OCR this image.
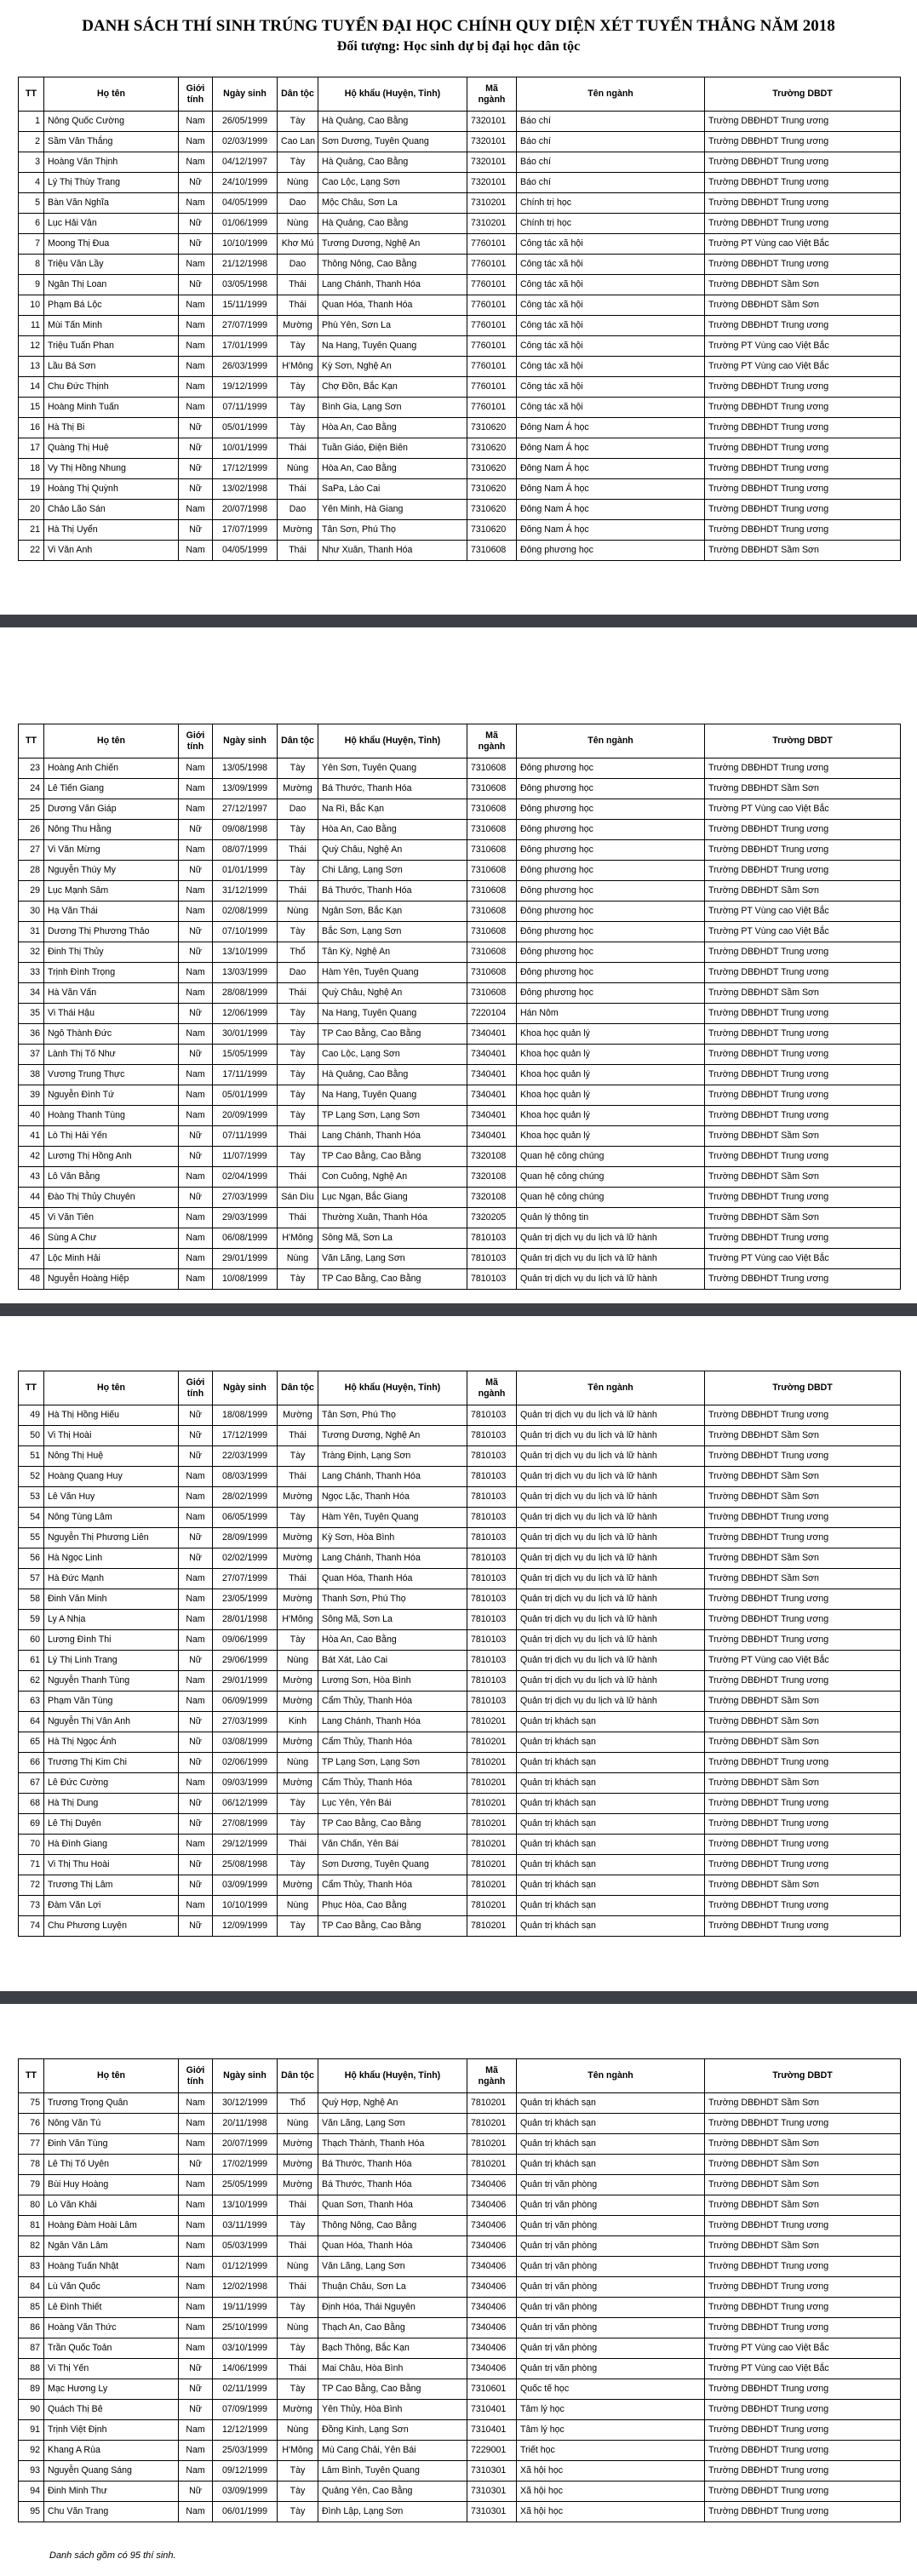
DANH SÁCH THÍ SINH TRÚNG TUYỂN ĐẠI HỌC CHÍNH QUY DIỆN XÉT TUYỂN THẲNG NĂM 2018
Đối tượng: Học sinh dự bị đại học dân tộc
TT	Họ tên	Giới tính	Ngày sinh	Dân tộc	Hộ khẩu (Huyện, Tỉnh)	Mã ngành	Tên ngành	Trường DBDT
1	Nông Quốc Cường	Nam	26/05/1999	Tày	Hà Quảng, Cao Bằng	7320101	Báo chí	Trường DBĐHDT Trung ương
2	Sầm Văn Thắng	Nam	02/03/1999	Cao Lan	Sơn Dương, Tuyên Quang	7320101	Báo chí	Trường DBĐHDT Trung ương
3	Hoàng Văn Thịnh	Nam	04/12/1997	Tày	Hà Quảng, Cao Bằng	7320101	Báo chí	Trường DBĐHDT Trung ương
4	Lý Thị Thùy Trang	Nữ	24/10/1999	Nùng	Cao Lộc, Lạng Sơn	7320101	Báo chí	Trường DBĐHDT Trung ương
5	Bàn Văn Nghĩa	Nam	04/05/1999	Dao	Mộc Châu, Sơn La	7310201	Chính trị học	Trường DBĐHDT Trung ương
6	Lục Hải Vân	Nữ	01/06/1999	Nùng	Hà Quảng, Cao Bằng	7310201	Chính trị học	Trường DBĐHDT Trung ương
7	Moong Thị Đua	Nữ	10/10/1999	Khơ Mú	Tương Dương, Nghệ An	7760101	Công tác xã hội	Trường PT Vùng cao Việt Bắc
8	Triệu Văn Lầy	Nam	21/12/1998	Dao	Thông Nông, Cao Bằng	7760101	Công tác xã hội	Trường DBĐHDT Trung ương
9	Ngân Thị Loan	Nữ	03/05/1998	Thái	Lang Chánh, Thanh Hóa	7760101	Công tác xã hội	Trường DBĐHDT Sầm Sơn
10	Phạm Bá Lộc	Nam	15/11/1999	Thái	Quan Hóa, Thanh Hóa	7760101	Công tác xã hội	Trường DBĐHDT Sầm Sơn
11	Mùi Tấn Minh	Nam	27/07/1999	Mường	Phù Yên, Sơn La	7760101	Công tác xã hội	Trường DBĐHDT Trung ương
12	Triệu Tuấn Phan	Nam	17/01/1999	Tày	Na Hang, Tuyên Quang	7760101	Công tác xã hội	Trường PT Vùng cao Việt Bắc
13	Lầu Bá Sơn	Nam	26/03/1999	H'Mông	Kỳ Sơn, Nghệ An	7760101	Công tác xã hội	Trường PT Vùng cao Việt Bắc
14	Chu Đức Thịnh	Nam	19/12/1999	Tày	Chợ Đồn, Bắc Kạn	7760101	Công tác xã hội	Trường DBĐHDT Trung ương
15	Hoàng Minh Tuấn	Nam	07/11/1999	Tày	Bình Gia, Lạng Sơn	7760101	Công tác xã hội	Trường DBĐHDT Trung ương
16	Hà Thị Bi	Nữ	05/01/1999	Tày	Hòa An, Cao Bằng	7310620	Đông Nam Á học	Trường DBĐHDT Trung ương
17	Quàng Thị Huệ	Nữ	10/01/1999	Thái	Tuần Giáo, Điện Biên	7310620	Đông Nam Á học	Trường DBĐHDT Trung ương
18	Vy Thị Hồng Nhung	Nữ	17/12/1999	Nùng	Hòa An, Cao Bằng	7310620	Đông Nam Á học	Trường DBĐHDT Trung ương
19	Hoàng Thị Quỳnh	Nữ	13/02/1998	Thái	SaPa, Lào Cai	7310620	Đông Nam Á học	Trường DBĐHDT Trung ương
20	Chảo Lão Sán	Nam	20/07/1998	Dao	Yên Minh, Hà Giang	7310620	Đông Nam Á học	Trường DBĐHDT Trung ương
21	Hà Thị Uyển	Nữ	17/07/1999	Mường	Tân Sơn, Phú Thọ	7310620	Đông Nam Á học	Trường DBĐHDT Trung ương
22	Vi Văn Anh	Nam	04/05/1999	Thái	Như Xuân, Thanh Hóa	7310608	Đông phương học	Trường DBĐHDT Sầm Sơn
TT	Họ tên	Giới tính	Ngày sinh	Dân tộc	Hộ khẩu (Huyện, Tỉnh)	Mã ngành	Tên ngành	Trường DBDT
23	Hoàng Anh Chiến	Nam	13/05/1998	Tày	Yên Sơn, Tuyên Quang	7310608	Đông phương học	Trường DBĐHDT Trung ương
24	Lê Tiến Giang	Nam	13/09/1999	Mường	Bá Thước, Thanh Hóa	7310608	Đông phương học	Trường DBĐHDT Sầm Sơn
25	Dương Văn Giáp	Nam	27/12/1997	Dao	Na Rì, Bắc Kạn	7310608	Đông phương học	Trường PT Vùng cao Việt Bắc
26	Nông Thu Hằng	Nữ	09/08/1998	Tày	Hòa An, Cao Bằng	7310608	Đông phương học	Trường DBĐHDT Trung ương
27	Vi Văn Mừng	Nam	08/07/1999	Thái	Quỳ Châu, Nghệ An	7310608	Đông phương học	Trường DBĐHDT Trung ương
28	Nguyễn Thúy My	Nữ	01/01/1999	Tày	Chi Lăng, Lạng Sơn	7310608	Đông phương học	Trường DBĐHDT Trung ương
29	Lục Mạnh Sâm	Nam	31/12/1999	Thái	Bá Thước, Thanh Hóa	7310608	Đông phương học	Trường DBĐHDT Sầm Sơn
30	Hạ Văn Thái	Nam	02/08/1999	Nùng	Ngân Sơn, Bắc Kạn	7310608	Đông phương học	Trường PT Vùng cao Việt Bắc
31	Dương Thị Phương Thảo	Nữ	07/10/1999	Tày	Bắc Sơn, Lạng Sơn	7310608	Đông phương học	Trường PT Vùng cao Việt Bắc
32	Đinh Thị Thủy	Nữ	13/10/1999	Thổ	Tân Kỳ, Nghệ An	7310608	Đông phương học	Trường DBĐHDT Trung ương
33	Trịnh Đình Trọng	Nam	13/03/1999	Dao	Hàm Yên, Tuyên Quang	7310608	Đông phương học	Trường DBĐHDT Trung ương
34	Hà Văn Vấn	Nam	28/08/1999	Thái	Quỳ Châu, Nghệ An	7310608	Đông phương học	Trường DBĐHDT Sầm Sơn
35	Vi Thái Hậu	Nữ	12/06/1999	Tày	Na Hang, Tuyên Quang	7220104	Hán Nôm	Trường DBĐHDT Trung ương
36	Ngô Thành Đức	Nam	30/01/1999	Tày	TP Cao Bằng, Cao Bằng	7340401	Khoa học quản lý	Trường DBĐHDT Trung ương
37	Lành Thị Tố Như	Nữ	15/05/1999	Tày	Cao Lộc, Lạng Sơn	7340401	Khoa học quản lý	Trường DBĐHDT Trung ương
38	Vương Trung Thực	Nam	17/11/1999	Tày	Hà Quảng, Cao Bằng	7340401	Khoa học quản lý	Trường DBĐHDT Trung ương
39	Nguyễn Đình Tứ	Nam	05/01/1999	Tày	Na Hang, Tuyên Quang	7340401	Khoa học quản lý	Trường DBĐHDT Trung ương
40	Hoàng Thanh Tùng	Nam	20/09/1999	Tày	TP Lạng Sơn, Lạng Sơn	7340401	Khoa học quản lý	Trường DBĐHDT Trung ương
41	Lò Thị Hải Yến	Nữ	07/11/1999	Thái	Lang Chánh, Thanh Hóa	7340401	Khoa học quản lý	Trường DBĐHDT Sầm Sơn
42	Lương Thị Hồng Anh	Nữ	11/07/1999	Tày	TP Cao Bằng, Cao Bằng	7320108	Quan hệ công chúng	Trường DBĐHDT Trung ương
43	Lô Văn Bằng	Nam	02/04/1999	Thái	Con Cuông, Nghệ An	7320108	Quan hệ công chúng	Trường DBĐHDT Sầm Sơn
44	Đào Thị Thủy Chuyên	Nữ	27/03/1999	Sán Dìu	Lục Ngạn, Bắc Giang	7320108	Quan hệ công chúng	Trường DBĐHDT Trung ương
45	Vi Văn Tiên	Nam	29/03/1999	Thái	Thường Xuân, Thanh Hóa	7320205	Quản lý thông tin	Trường DBĐHDT Sầm Sơn
46	Sùng A Chư	Nam	06/08/1999	H'Mông	Sông Mã, Sơn La	7810103	Quản trị dịch vụ du lịch và lữ hành	Trường DBĐHDT Trung ương
47	Lộc Minh Hải	Nam	29/01/1999	Nùng	Văn Lãng, Lạng Sơn	7810103	Quản trị dịch vụ du lịch và lữ hành	Trường PT Vùng cao Việt Bắc
48	Nguyễn Hoàng Hiệp	Nam	10/08/1999	Tày	TP Cao Bằng, Cao Bằng	7810103	Quản trị dịch vụ du lịch và lữ hành	Trường DBĐHDT Trung ương
TT	Họ tên	Giới tính	Ngày sinh	Dân tộc	Hộ khẩu (Huyện, Tỉnh)	Mã ngành	Tên ngành	Trường DBDT
49	Hà Thị Hồng Hiếu	Nữ	18/08/1999	Mường	Tân Sơn, Phú Thọ	7810103	Quản trị dịch vụ du lịch và lữ hành	Trường DBĐHDT Trung ương
50	Vi Thị Hoài	Nữ	17/12/1999	Thái	Tương Dương, Nghệ An	7810103	Quản trị dịch vụ du lịch và lữ hành	Trường DBĐHDT Sầm Sơn
51	Nông Thị Huệ	Nữ	22/03/1999	Tày	Tràng Định, Lạng Sơn	7810103	Quản trị dịch vụ du lịch và lữ hành	Trường DBĐHDT Trung ương
52	Hoàng Quang Huy	Nam	08/03/1999	Thái	Lang Chánh, Thanh Hóa	7810103	Quản trị dịch vụ du lịch và lữ hành	Trường DBĐHDT Sầm Sơn
53	Lê Văn Huy	Nam	28/02/1999	Mường	Ngọc Lặc, Thanh Hóa	7810103	Quản trị dịch vụ du lịch và lữ hành	Trường DBĐHDT Sầm Sơn
54	Nông Tùng Lâm	Nam	06/05/1999	Tày	Hàm Yên, Tuyên Quang	7810103	Quản trị dịch vụ du lịch và lữ hành	Trường DBĐHDT Trung ương
55	Nguyễn Thị Phương Liên	Nữ	28/09/1999	Mường	Kỳ Sơn, Hòa Bình	7810103	Quản trị dịch vụ du lịch và lữ hành	Trường DBĐHDT Trung ương
56	Hà Ngọc Linh	Nữ	02/02/1999	Mường	Lang Chánh, Thanh Hóa	7810103	Quản trị dịch vụ du lịch và lữ hành	Trường DBĐHDT Sầm Sơn
57	Hà Đức Mạnh	Nam	27/07/1999	Thái	Quan Hóa, Thanh Hóa	7810103	Quản trị dịch vụ du lịch và lữ hành	Trường DBĐHDT Sầm Sơn
58	Đinh Văn Minh	Nam	23/05/1999	Mường	Thanh Sơn, Phú Thọ	7810103	Quản trị dịch vụ du lịch và lữ hành	Trường DBĐHDT Trung ương
59	Ly A Nhịa	Nam	28/01/1998	H'Mông	Sông Mã, Sơn La	7810103	Quản trị dịch vụ du lịch và lữ hành	Trường DBĐHDT Trung ương
60	Lương Đình Thi	Nam	09/06/1999	Tày	Hòa An, Cao Bằng	7810103	Quản trị dịch vụ du lịch và lữ hành	Trường DBĐHDT Trung ương
61	Lý Thị Linh Trang	Nữ	29/06/1999	Nùng	Bát Xát, Lào Cai	7810103	Quản trị dịch vụ du lịch và lữ hành	Trường PT Vùng cao Việt Bắc
62	Nguyễn Thanh Tùng	Nam	29/01/1999	Mường	Lương Sơn, Hòa Bình	7810103	Quản trị dịch vụ du lịch và lữ hành	Trường DBĐHDT Trung ương
63	Phạm Văn Tùng	Nam	06/09/1999	Mường	Cẩm Thủy, Thanh Hóa	7810103	Quản trị dịch vụ du lịch và lữ hành	Trường DBĐHDT Sầm Sơn
64	Nguyễn Thị Vân Anh	Nữ	27/03/1999	Kinh	Lang Chánh, Thanh Hóa	7810201	Quản trị khách sạn	Trường DBĐHDT Sầm Sơn
65	Hà Thị Ngọc Ánh	Nữ	03/08/1999	Mường	Cẩm Thủy, Thanh Hóa	7810201	Quản trị khách sạn	Trường DBĐHDT Sầm Sơn
66	Trương Thị Kim Chi	Nữ	02/06/1999	Nùng	TP Lạng Sơn, Lạng Sơn	7810201	Quản trị khách sạn	Trường DBĐHDT Trung ương
67	Lê Đức Cường	Nam	09/03/1999	Mường	Cẩm Thủy, Thanh Hóa	7810201	Quản trị khách sạn	Trường DBĐHDT Sầm Sơn
68	Hà Thị Dung	Nữ	06/12/1999	Tày	Lục Yên, Yên Bái	7810201	Quản trị khách sạn	Trường DBĐHDT Trung ương
69	Lê Thị Duyên	Nữ	27/08/1999	Tày	TP Cao Bằng, Cao Bằng	7810201	Quản trị khách sạn	Trường DBĐHDT Trung ương
70	Hà Đình Giang	Nam	29/12/1999	Thái	Văn Chấn, Yên Bái	7810201	Quản trị khách sạn	Trường DBĐHDT Trung ương
71	Vi Thị Thu Hoài	Nữ	25/08/1998	Tày	Sơn Dương, Tuyên Quang	7810201	Quản trị khách sạn	Trường DBĐHDT Trung ương
72	Trương Thị Lâm	Nữ	03/09/1999	Mường	Cẩm Thủy, Thanh Hóa	7810201	Quản trị khách sạn	Trường DBĐHDT Sầm Sơn
73	Đàm Văn Lợi	Nam	10/10/1999	Nùng	Phục Hòa, Cao Bằng	7810201	Quản trị khách sạn	Trường DBĐHDT Trung ương
74	Chu Phương Luyện	Nữ	12/09/1999	Tày	TP Cao Bằng, Cao Bằng	7810201	Quản trị khách sạn	Trường DBĐHDT Trung ương
TT	Họ tên	Giới tính	Ngày sinh	Dân tộc	Hộ khẩu (Huyện, Tỉnh)	Mã ngành	Tên ngành	Trường DBDT
75	Trương Trọng Quân	Nam	30/12/1999	Thổ	Quỳ Hợp, Nghệ An	7810201	Quản trị khách sạn	Trường DBĐHDT Sầm Sơn
76	Nông Văn Tú	Nam	20/11/1998	Nùng	Văn Lãng, Lạng Sơn	7810201	Quản trị khách sạn	Trường DBĐHDT Trung ương
77	Đinh Văn Tùng	Nam	20/07/1999	Mường	Thạch Thành, Thanh Hóa	7810201	Quản trị khách sạn	Trường DBĐHDT Sầm Sơn
78	Lê Thị Tố Uyên	Nữ	17/02/1999	Mường	Bá Thước, Thanh Hóa	7810201	Quản trị khách sạn	Trường DBĐHDT Sầm Sơn
79	Bùi Huy Hoàng	Nam	25/05/1999	Mường	Bá Thước, Thanh Hóa	7340406	Quản trị văn phòng	Trường DBĐHDT Sầm Sơn
80	Lò Văn Khải	Nam	13/10/1999	Thái	Quan Sơn, Thanh Hóa	7340406	Quản trị văn phòng	Trường DBĐHDT Sầm Sơn
81	Hoàng Đàm Hoài Lâm	Nam	03/11/1999	Tày	Thông Nông, Cao Bằng	7340406	Quản trị văn phòng	Trường DBĐHDT Trung ương
82	Ngân Văn Lâm	Nam	05/03/1999	Thái	Quan Hóa, Thanh Hóa	7340406	Quản trị văn phòng	Trường DBĐHDT Sầm Sơn
83	Hoàng Tuấn Nhật	Nam	01/12/1999	Nùng	Văn Lãng, Lạng Sơn	7340406	Quản trị văn phòng	Trường DBĐHDT Trung ương
84	Lù Văn Quốc	Nam	12/02/1998	Thái	Thuận Châu, Sơn La	7340406	Quản trị văn phòng	Trường DBĐHDT Trung ương
85	Lê Đình Thiết	Nam	19/11/1999	Tày	Định Hóa, Thái Nguyên	7340406	Quản trị văn phòng	Trường DBĐHDT Trung ương
86	Hoàng Văn Thức	Nam	25/10/1999	Nùng	Thạch An, Cao Bằng	7340406	Quản trị văn phòng	Trường DBĐHDT Trung ương
87	Trần Quốc Toản	Nam	03/10/1999	Tày	Bạch Thông, Bắc Kạn	7340406	Quản trị văn phòng	Trường PT Vùng cao Việt Bắc
88	Vi Thị Yến	Nữ	14/06/1999	Thái	Mai Châu, Hòa Bình	7340406	Quản trị văn phòng	Trường PT Vùng cao Việt Bắc
89	Mạc Hương Ly	Nữ	02/11/1999	Tày	TP Cao Bằng, Cao Bằng	7310601	Quốc tế học	Trường DBĐHDT Trung ương
90	Quách Thị Bê	Nữ	07/09/1999	Mường	Yên Thủy, Hòa Bình	7310401	Tâm lý học	Trường DBĐHDT Trung ương
91	Trịnh Việt Định	Nam	12/12/1999	Nùng	Đồng Kinh, Lạng Sơn	7310401	Tâm lý học	Trường DBĐHDT Trung ương
92	Khang A Rùa	Nam	25/03/1999	H'Mông	Mù Cang Chải, Yên Bái	7229001	Triết học	Trường DBĐHDT Trung ương
93	Nguyễn Quang Sáng	Nam	09/12/1999	Tày	Lâm Bình, Tuyên Quang	7310301	Xã hội học	Trường DBĐHDT Trung ương
94	Đinh Minh Thư	Nữ	03/09/1999	Tày	Quảng Yên, Cao Bằng	7310301	Xã hội học	Trường DBĐHDT Trung ương
95	Chu Văn Trang	Nam	06/01/1999	Tày	Đình Lập, Lạng Sơn	7310301	Xã hội học	Trường DBĐHDT Trung ương
Danh sách gồm có 95 thí sinh.
